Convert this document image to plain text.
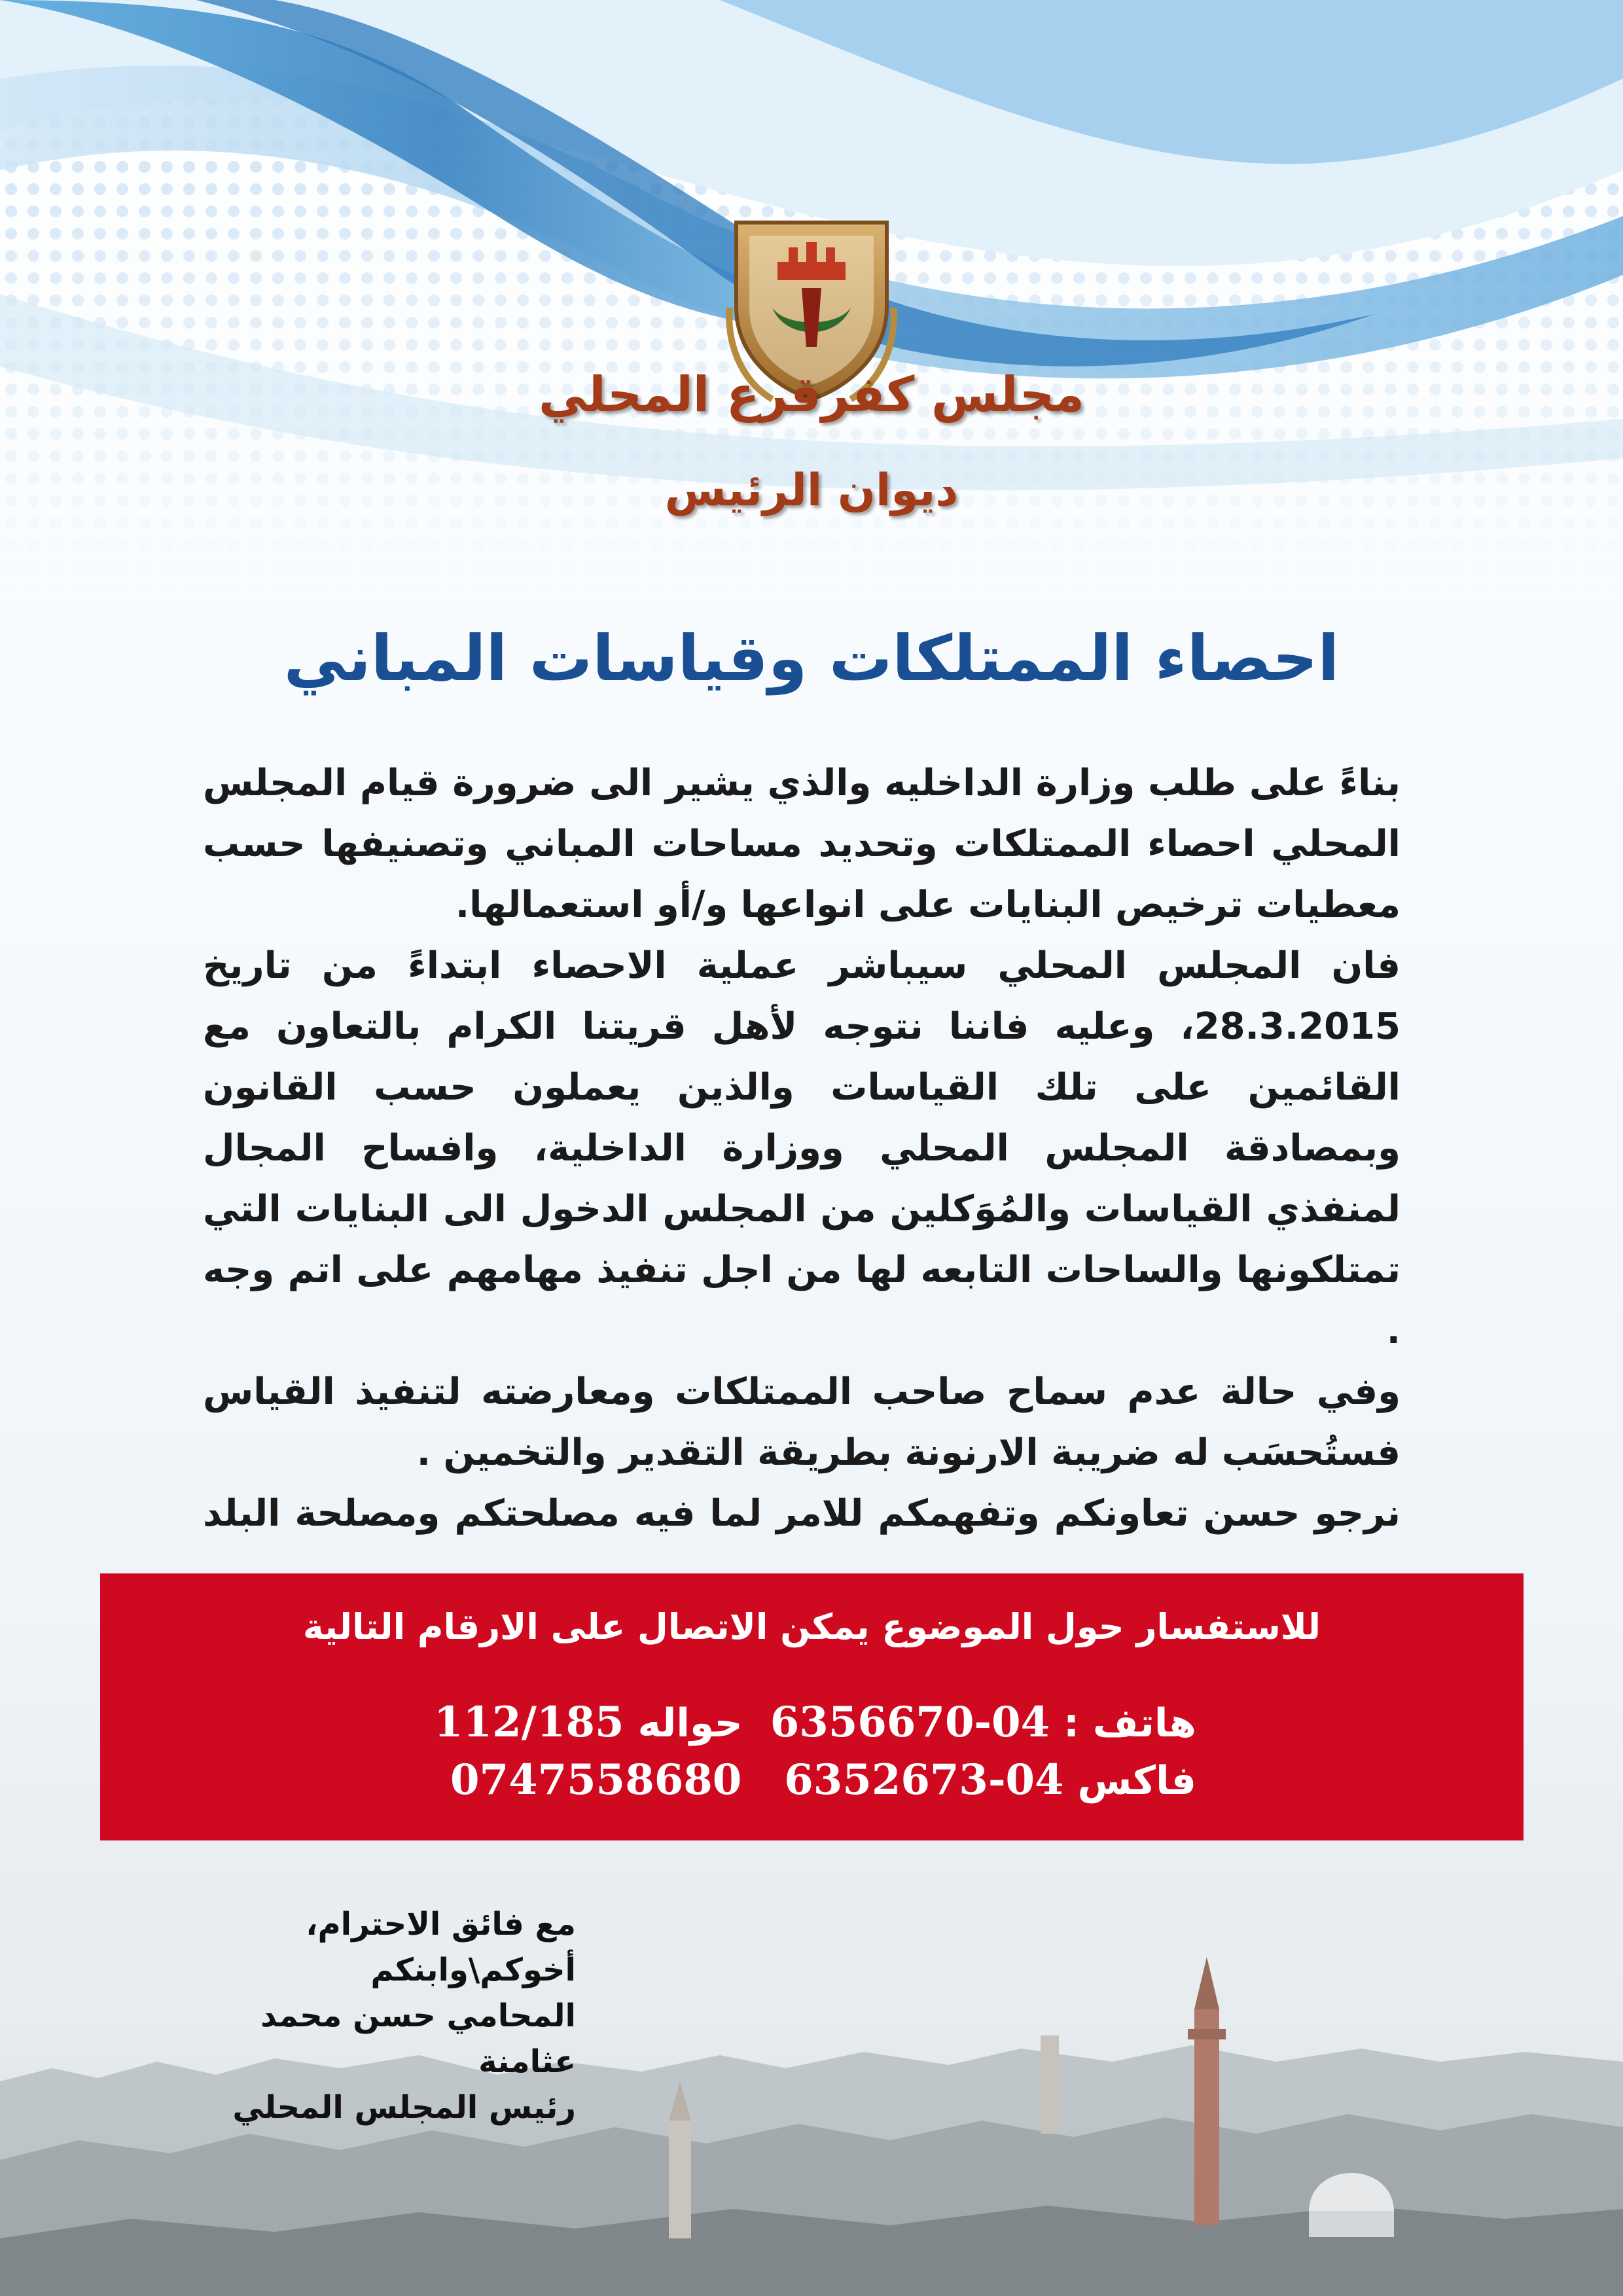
مجلس كفرقرع المحلي
ديوان الرئيس
احصاء الممتلكات وقياسات المباني

بناءً على طلب وزارة الداخليه والذي يشير الى ضرورة قيام المجلس المحلي احصاء الممتلكات وتحديد مساحات المباني وتصنيفها حسب معطيات ترخيص البنايات على انواعها و/أو استعمالها.

فان المجلس المحلي سيباشر عملية الاحصاء ابتداءً من تاريخ 28.3.2015، وعليه فاننا نتوجه لأهل قريتنا الكرام بالتعاون مع القائمين على تلك القياسات والذين يعملون حسب القانون وبمصادقة المجلس المحلي ووزارة الداخلية، وافساح المجال لمنفذي القياسات والمُوَكلين من المجلس الدخول الى البنايات التي تمتلكونها والساحات التابعه لها من اجل تنفيذ مهامهم على اتم وجه .

وفي حالة عدم سماح صاحب الممتلكات ومعارضته لتنفيذ القياس فستُحسَب له ضريبة الارنونة بطريقة التقدير والتخمين .

نرجو حسن تعاونكم وتفهمكم للامر لما فيه مصلحتكم ومصلحة البلد

للاستفسار حول الموضوع يمكن الاتصال على الارقام التالية
هاتف : 04-6356670
حواله 112/185
فاكس 04-6352673
0747558680
مع فائق الاحترام،
أخوكم\وابنكم
المحامي حسن محمد عثامنة
رئيس المجلس المحلي
